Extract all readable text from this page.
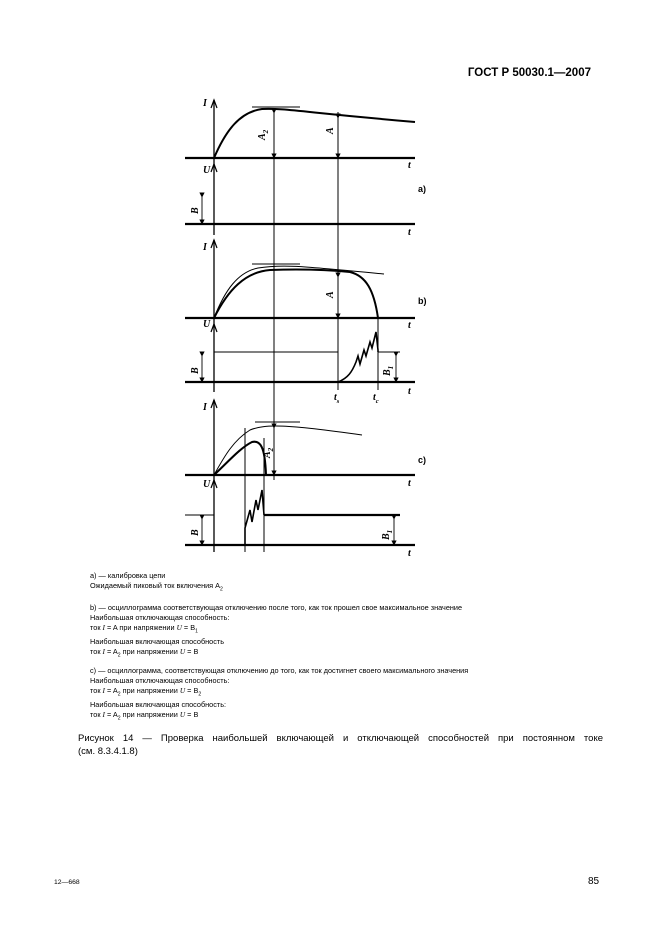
ГОСТ Р 50030.1—2007
I
U	t
$A_2$	A
t
B
a)
I
U	t
A
t
B	$B_1$
$t_s$	$t_c$
b)
I
U	t
$A_2$
t
B
$B_1$
c)
a) — калибровка цепи
Ожидаемый пиковый ток включения $A_2$
b) — осциллограмма соответствующая отключению после того, как ток прошел свое максимальное значение
Наибольшая отключающая способность:
ток I = A при напряжении $U = B_1$
Наибольшая включающая способность
ток $I = A_2$ при напряжении U = B
c) — осциллограмма, соответствующая отключению до того, как ток достигнет своего максимального значения
Наибольшая отключающая способность:
ток $I = A_2$ при напряжении $U = B_2$
Наибольшая включающая способность:
ток $I = A_2$ при напряжении U = B
Рисунок 14 — Проверка наибольшей включающей и отключающей способностей при постоянном токе
(см. 8.3.4.1.8)
12—668	85
